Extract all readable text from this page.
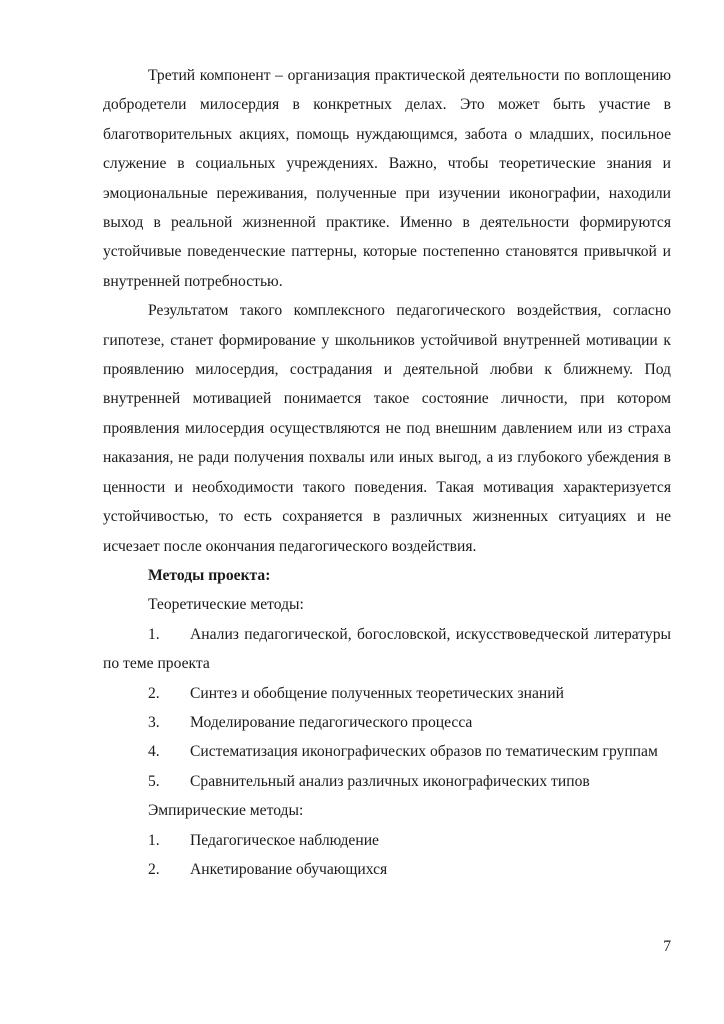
Третий компонент – организация практической деятельности по воплощению добродетели милосердия в конкретных делах. Это может быть участие в благотворительных акциях, помощь нуждающимся, забота о младших, посильное служение в социальных учреждениях. Важно, чтобы теоретические знания и эмоциональные переживания, полученные при изучении иконографии, находили выход в реальной жизненной практике. Именно в деятельности формируются устойчивые поведенческие паттерны, которые постепенно становятся привычкой и внутренней потребностью.

Результатом такого комплексного педагогического воздействия, согласно гипотезе, станет формирование у школьников устойчивой внутренней мотивации к проявлению милосердия, сострадания и деятельной любви к ближнему. Под внутренней мотивацией понимается такое состояние личности, при котором проявления милосердия осуществляются не под внешним давлением или из страха наказания, не ради получения похвалы или иных выгод, а из глубокого убеждения в ценности и необходимости такого поведения. Такая мотивация характеризуется устойчивостью, то есть сохраняется в различных жизненных ситуациях и не исчезает после окончания педагогического воздействия.

Методы проекта:

Теоретические методы:

1. Анализ педагогической, богословской, искусствоведческой литературы по теме проекта

2. Синтез и обобщение полученных теоретических знаний

3. Моделирование педагогического процесса

4. Систематизация иконографических образов по тематическим группам

5. Сравнительный анализ различных иконографических типов

Эмпирические методы:

1. Педагогическое наблюдение

2. Анкетирование обучающихся

7
